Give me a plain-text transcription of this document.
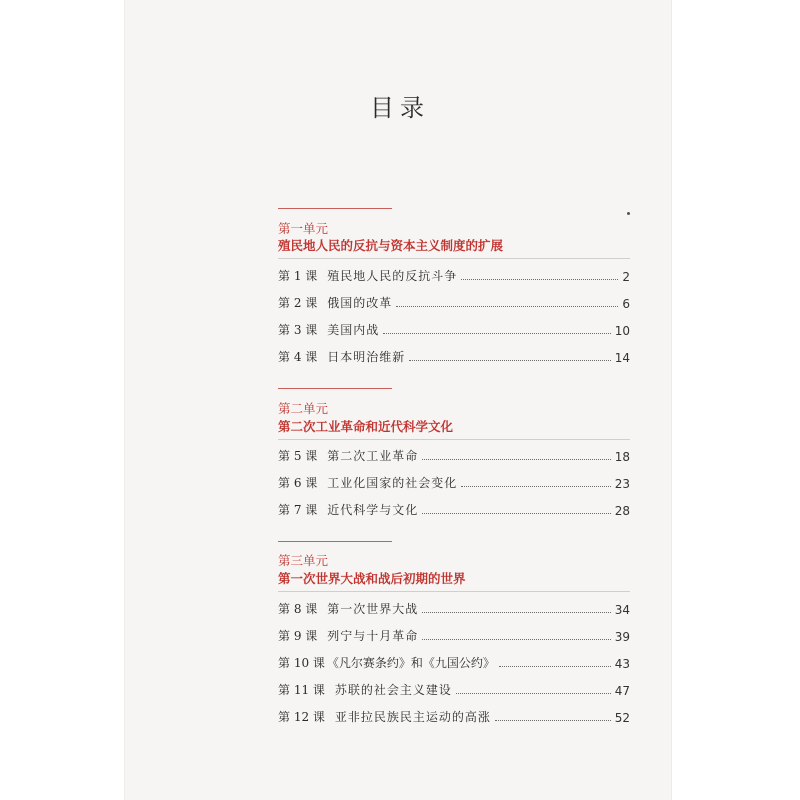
目录
第一单元
殖民地人民的反抗与资本主义制度的扩展
第 1 课 殖民地人民的反抗斗争	2
第 2 课 俄国的改革	6
第 3 课 美国内战	10
第 4 课 日本明治维新	14
第二单元
第二次工业革命和近代科学文化
第 5 课 第二次工业革命	18
第 6 课 工业化国家的社会变化	23
第 7 课 近代科学与文化	28
第三单元
第一次世界大战和战后初期的世界
第 8 课 第一次世界大战	34
第 9 课 列宁与十月革命	39
第 10 课 《凡尔赛条约》和《九国公约》	43
第 11 课 苏联的社会主义建设	47
第 12 课 亚非拉民族民主运动的高涨	52
